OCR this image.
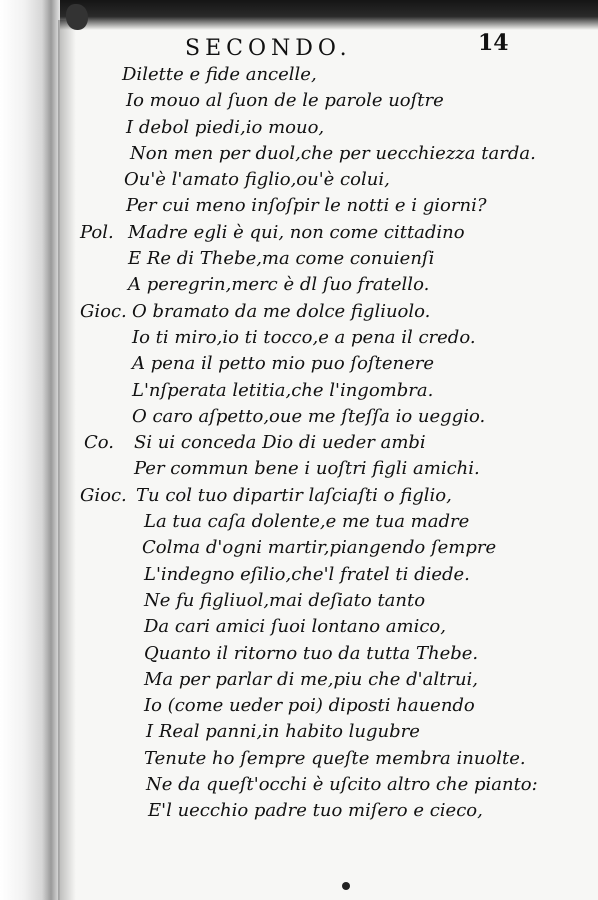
SECONDO.	14
Dilette e fide ancelle,
Io mouo al ſuon de le parole uoſtre
I debol piedi,io mouo,
Non men per duol,che per uecchiezza tarda.
Ou'è l'amato figlio,ou'è colui,
Per cui meno inſoſpir le notti e i giorni?
Pol. Madre egli è qui, non come cittadino
E Re di Thebe,ma come conuienſi
A peregrin,merc è dl ſuo fratello.
Gioc. O bramato da me dolce figliuolo.
Io ti miro,io ti tocco,e a pena il credo.
A pena il petto mio puo ſoſtenere
L'nſperata letitia,che l'ingombra.
O caro aſpetto,oue me ſteſſa io ueggio.
Co. Si ui conceda Dio di ueder ambi
Per commun bene i uoſtri figli amichi.
Gioc. Tu col tuo dipartir laſciaſti o figlio,
La tua caſa dolente,e me tua madre
Colma d'ogni martir,piangendo ſempre
L'indegno eſilio,che'l fratel ti diede.
Ne fu figliuol,mai deſiato tanto
Da cari amici ſuoi lontano amico,
Quanto il ritorno tuo da tutta Thebe.
Ma per parlar di me,piu che d'altrui,
Io (come ueder poi) diposti hauendo
I Real panni,in habito lugubre
Tenute ho ſempre queſte membra inuolte.
Ne da queſt'occhi è uſcito altro che pianto:
E'l uecchio padre tuo miſero e cieco,
